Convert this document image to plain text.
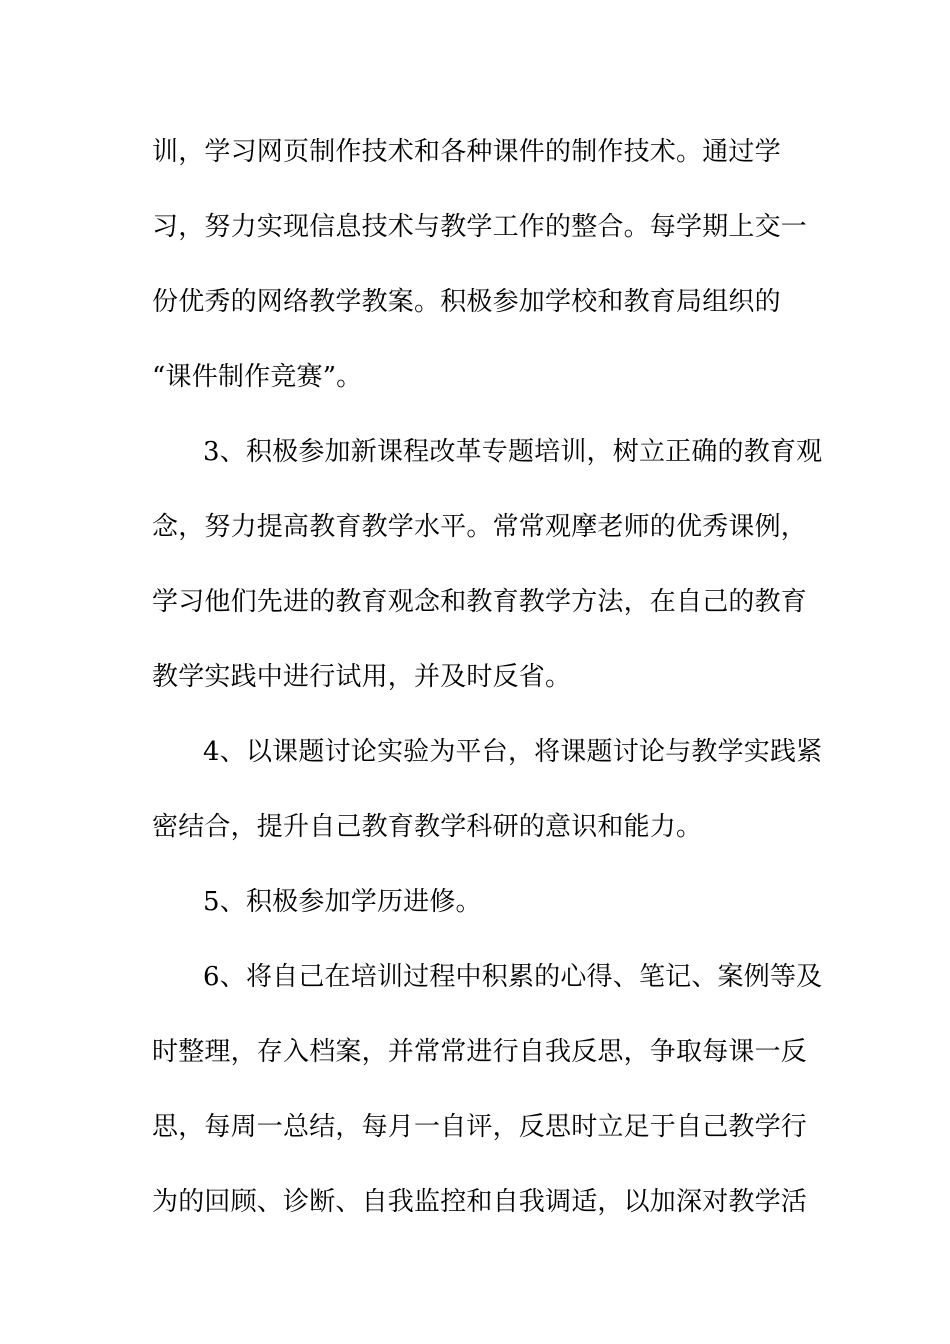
训，学习网页制作技术和各种课件的制作技术。通过学

习，努力实现信息技术与教学工作的整合。每学期上交一

份优秀的网络教学教案。积极参加学校和教育局组织的

“课件制作竞赛”。

3、积极参加新课程改革专题培训，树立正确的教育观

念，努力提高教育教学水平。常常观摩老师的优秀课例，

学习他们先进的教育观念和教育教学方法，在自己的教育

教学实践中进行试用，并及时反省。

4、以课题讨论实验为平台，将课题讨论与教学实践紧

密结合，提升自己教育教学科研的意识和能力。

5、积极参加学历进修。

6、将自己在培训过程中积累的心得、笔记、案例等及

时整理，存入档案，并常常进行自我反思，争取每课一反

思，每周一总结，每月一自评，反思时立足于自己教学行

为的回顾、诊断、自我监控和自我调适，以加深对教学活
